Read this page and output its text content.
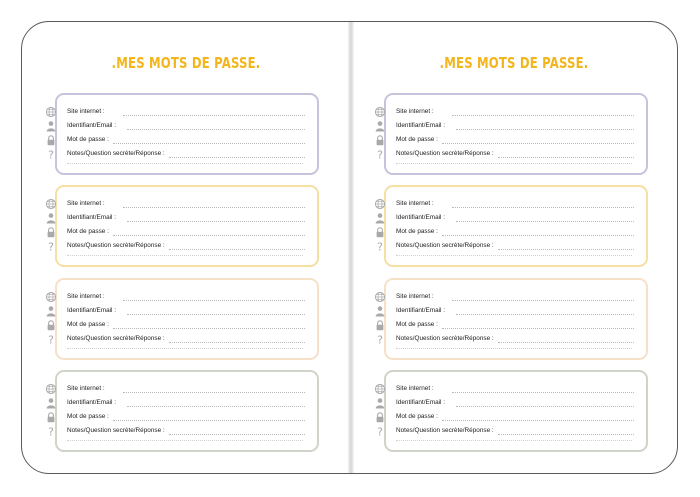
.MES MOTS DE PASSE.
Site internet :
Identifiant/Email :
Mot de passe :
? Notes/Question secrète/Réponse :
Site internet :
Identifiant/Email :
Mot de passe :
? Notes/Question secrète/Réponse :
Site internet :
Identifiant/Email :
Mot de passe :
? Notes/Question secrète/Réponse :
Site internet :
Identifiant/Email :
Mot de passe :
? Notes/Question secrète/Réponse :
.MES MOTS DE PASSE.
Site internet :
Identifiant/Email :
Mot de passe :
? Notes/Question secrète/Réponse :
Site internet :
Identifiant/Email :
Mot de passe :
? Notes/Question secrète/Réponse :
Site internet :
Identifiant/Email :
Mot de passe :
? Notes/Question secrète/Réponse :
Site internet :
Identifiant/Email :
Mot de passe :
? Notes/Question secrète/Réponse :
